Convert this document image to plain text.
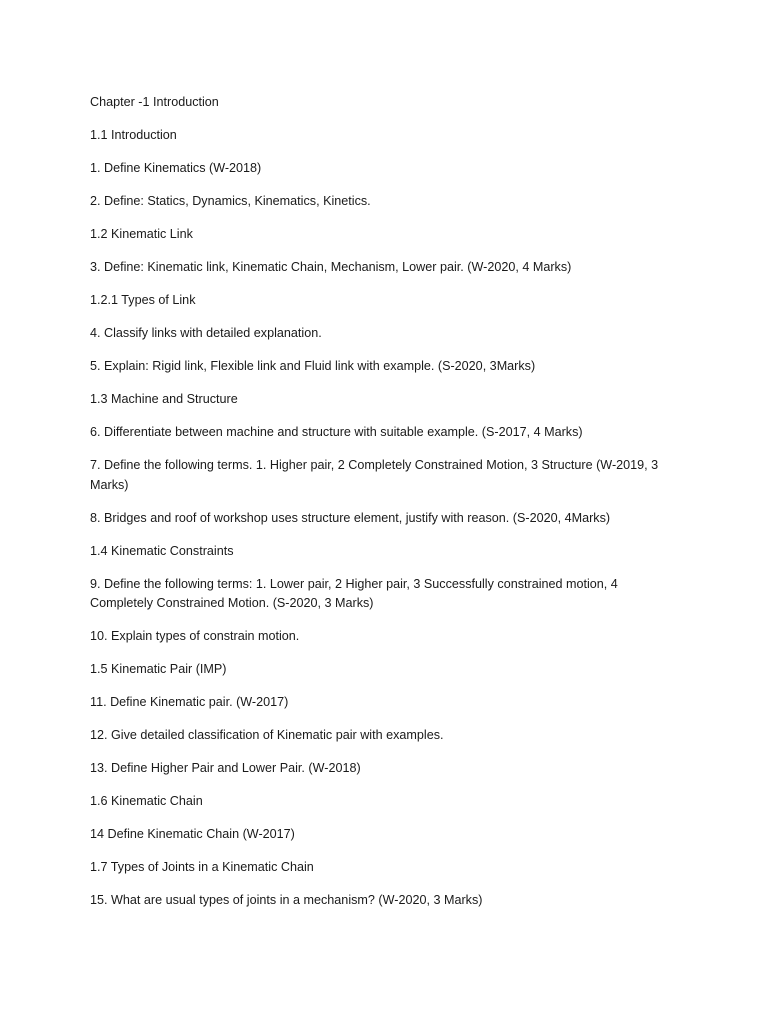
Chapter -1 Introduction

1.1 Introduction

1. Define Kinematics (W-2018)

2. Define: Statics, Dynamics, Kinematics, Kinetics.

1.2 Kinematic Link

3. Define: Kinematic link, Kinematic Chain, Mechanism, Lower pair. (W-2020, 4 Marks)

1.2.1 Types of Link

4. Classify links with detailed explanation.

5. Explain: Rigid link, Flexible link and Fluid link with example. (S-2020, 3Marks)

1.3 Machine and Structure

6. Differentiate between machine and structure with suitable example. (S-2017, 4 Marks)

7. Define the following terms. 1. Higher pair, 2 Completely Constrained Motion, 3 Structure (W-2019, 3 Marks)

8. Bridges and roof of workshop uses structure element, justify with reason. (S-2020, 4Marks)

1.4 Kinematic Constraints

9. Define the following terms: 1. Lower pair, 2 Higher pair, 3 Successfully constrained motion, 4 Completely Constrained Motion. (S-2020, 3 Marks)

10. Explain types of constrain motion.

1.5 Kinematic Pair (IMP)

11. Define Kinematic pair. (W-2017)

12. Give detailed classification of Kinematic pair with examples.

13. Define Higher Pair and Lower Pair. (W-2018)

1.6 Kinematic Chain

14 Define Kinematic Chain (W-2017)

1.7 Types of Joints in a Kinematic Chain

15. What are usual types of joints in a mechanism? (W-2020, 3 Marks)
